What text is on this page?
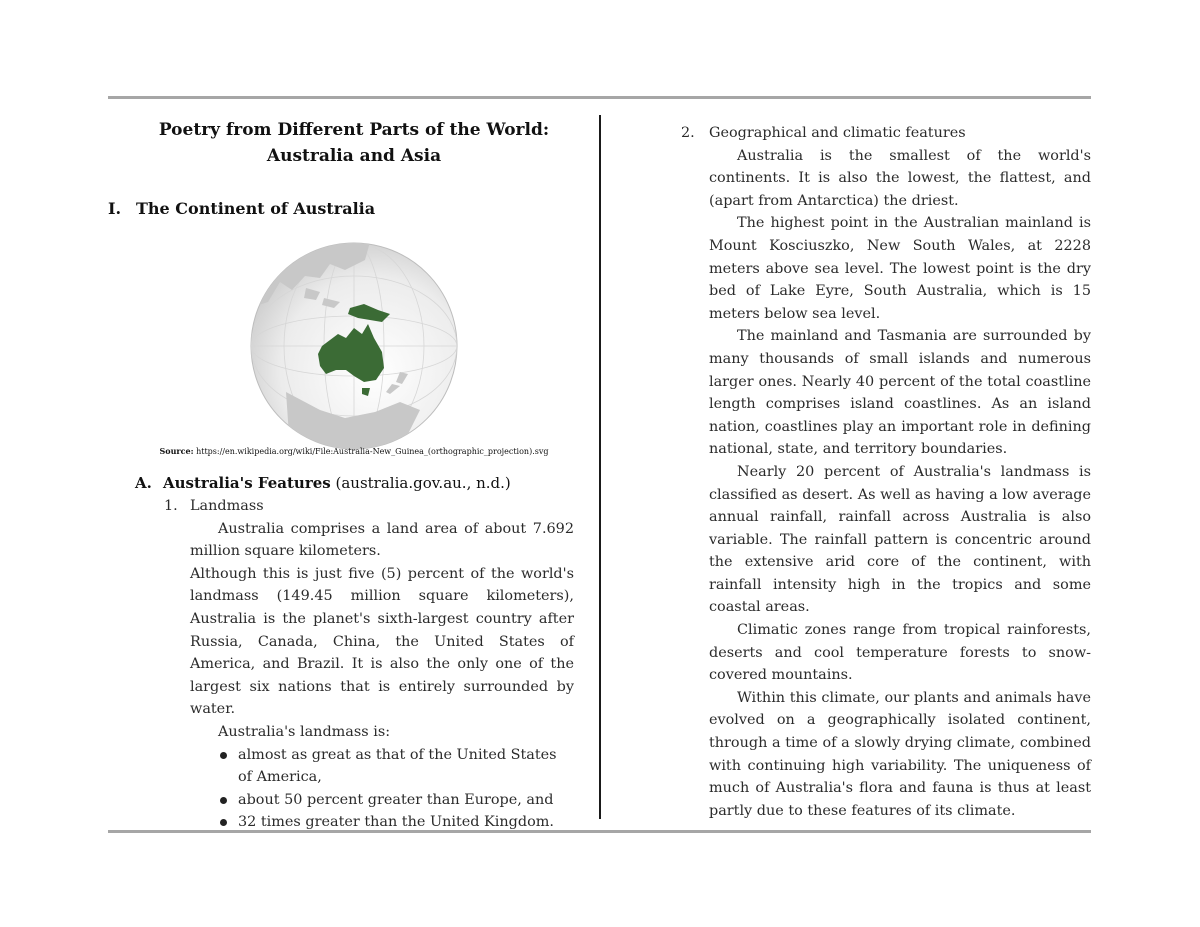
Poetry from Different Parts of the World:
Australia and Asia
I. The Continent of Australia
Source: https://en.wikipedia.org/wiki/File:Australia-New_Guinea_(orthographic_projection).svg
A. Australia's Features (australia.gov.au., n.d.)
1. Landmass

Australia comprises a land area of about 7.692 million square kilometers.

Although this is just five (5) percent of the world's landmass (149.45 million square kilometers), Australia is the planet's sixth-largest country after Russia, Canada, China, the United States of America, and Brazil. It is also the only one of the largest six nations that is entirely surrounded by water.

Australia's landmass is:

almost as great as that of the United States of America,
about 50 percent greater than Europe, and
32 times greater than the United Kingdom.
2. Geographical and climatic features

Australia is the smallest of the world's continents. It is also the lowest, the flattest, and (apart from Antarctica) the driest.

The highest point in the Australian mainland is Mount Kosciuszko, New South Wales, at 2228 meters above sea level. The lowest point is the dry bed of Lake Eyre, South Australia, which is 15 meters below sea level.

The mainland and Tasmania are surrounded by many thousands of small islands and numerous larger ones. Nearly 40 percent of the total coastline length comprises island coastlines. As an island nation, coastlines play an important role in defining national, state, and territory boundaries.

Nearly 20 percent of Australia's landmass is classified as desert. As well as having a low average annual rainfall, rainfall across Australia is also variable. The rainfall pattern is concentric around the extensive arid core of the continent, with rainfall intensity high in the tropics and some coastal areas.

Climatic zones range from tropical rainforests, deserts and cool temperature forests to snow-covered mountains.

Within this climate, our plants and animals have evolved on a geographically isolated continent, through a time of a slowly drying climate, combined with continuing high variability. The uniqueness of much of Australia's flora and fauna is thus at least partly due to these features of its climate.
